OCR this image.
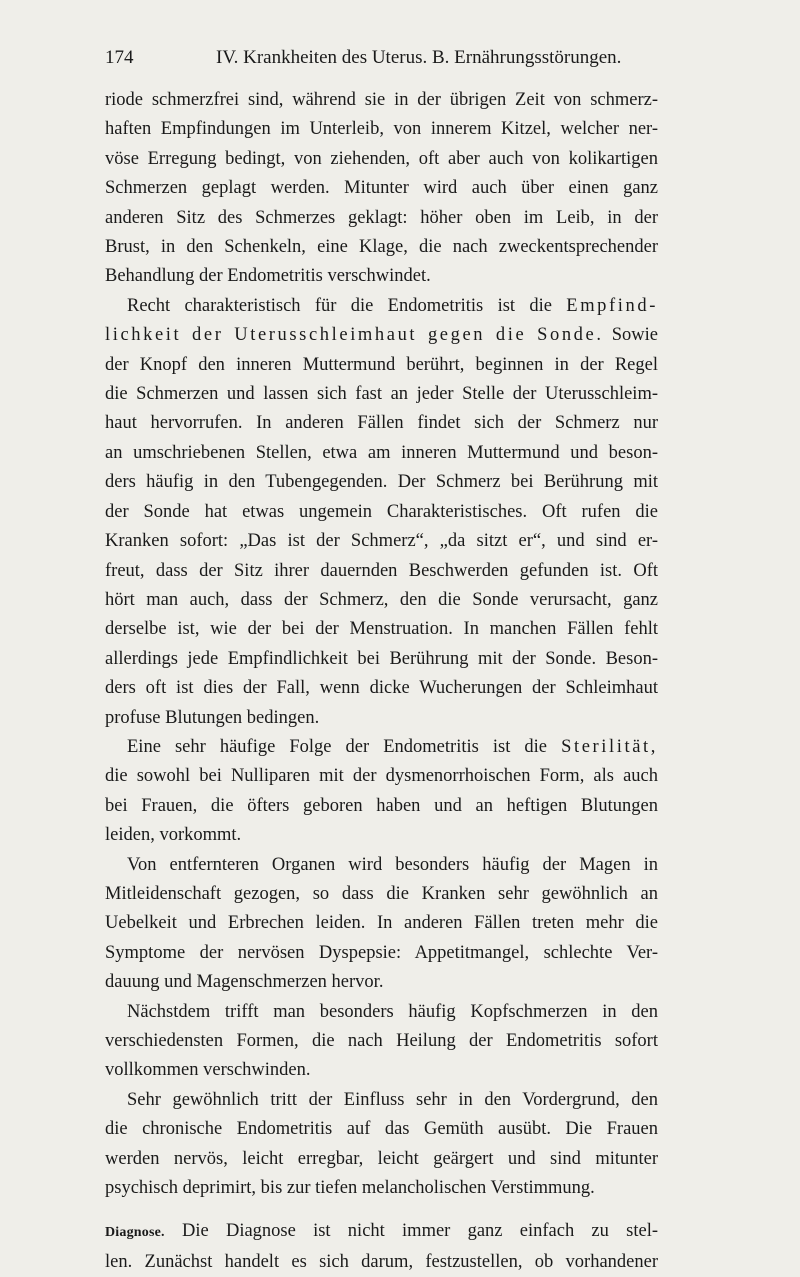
174	IV. Krankheiten des Uterus. B. Ernährungsstörungen.
riode schmerzfrei sind, während sie in der übrigen Zeit von schmerz-
haften Empfindungen im Unterleib, von innerem Kitzel, welcher ner-
vöse Erregung bedingt, von ziehenden, oft aber auch von kolikartigen
Schmerzen geplagt werden. Mitunter wird auch über einen ganz
anderen Sitz des Schmerzes geklagt: höher oben im Leib, in der
Brust, in den Schenkeln, eine Klage, die nach zweckentsprechender
Behandlung der Endometritis verschwindet.
Recht charakteristisch für die Endometritis ist die Empfind-
lichkeit der Uterusschleimhaut gegen die Sonde. Sowie
der Knopf den inneren Muttermund berührt, beginnen in der Regel
die Schmerzen und lassen sich fast an jeder Stelle der Uterusschleim-
haut hervorrufen. In anderen Fällen findet sich der Schmerz nur
an umschriebenen Stellen, etwa am inneren Muttermund und beson-
ders häufig in den Tubengegenden. Der Schmerz bei Berührung mit
der Sonde hat etwas ungemein Charakteristisches. Oft rufen die
Kranken sofort: „Das ist der Schmerz“, „da sitzt er“, und sind er-
freut, dass der Sitz ihrer dauernden Beschwerden gefunden ist. Oft
hört man auch, dass der Schmerz, den die Sonde verursacht, ganz
derselbe ist, wie der bei der Menstruation. In manchen Fällen fehlt
allerdings jede Empfindlichkeit bei Berührung mit der Sonde. Beson-
ders oft ist dies der Fall, wenn dicke Wucherungen der Schleimhaut
profuse Blutungen bedingen.
Eine sehr häufige Folge der Endometritis ist die Sterilität,
die sowohl bei Nulliparen mit der dysmenorrhoischen Form, als auch
bei Frauen, die öfters geboren haben und an heftigen Blutungen
leiden, vorkommt.
Von entfernteren Organen wird besonders häufig der Magen in
Mitleidenschaft gezogen, so dass die Kranken sehr gewöhnlich an
Uebelkeit und Erbrechen leiden. In anderen Fällen treten mehr die
Symptome der nervösen Dyspepsie: Appetitmangel, schlechte Ver-
dauung und Magenschmerzen hervor.
Nächstdem trifft man besonders häufig Kopfschmerzen in den
verschiedensten Formen, die nach Heilung der Endometritis sofort
vollkommen verschwinden.
Sehr gewöhnlich tritt der Einfluss sehr in den Vordergrund, den
die chronische Endometritis auf das Gemüth ausübt. Die Frauen
werden nervös, leicht erregbar, leicht geärgert und sind mitunter
psychisch deprimirt, bis zur tiefen melancholischen Verstimmung.
Diagnose. Die Diagnose ist nicht immer ganz einfach zu stel-
len. Zunächst handelt es sich darum, festzustellen, ob vorhandener
